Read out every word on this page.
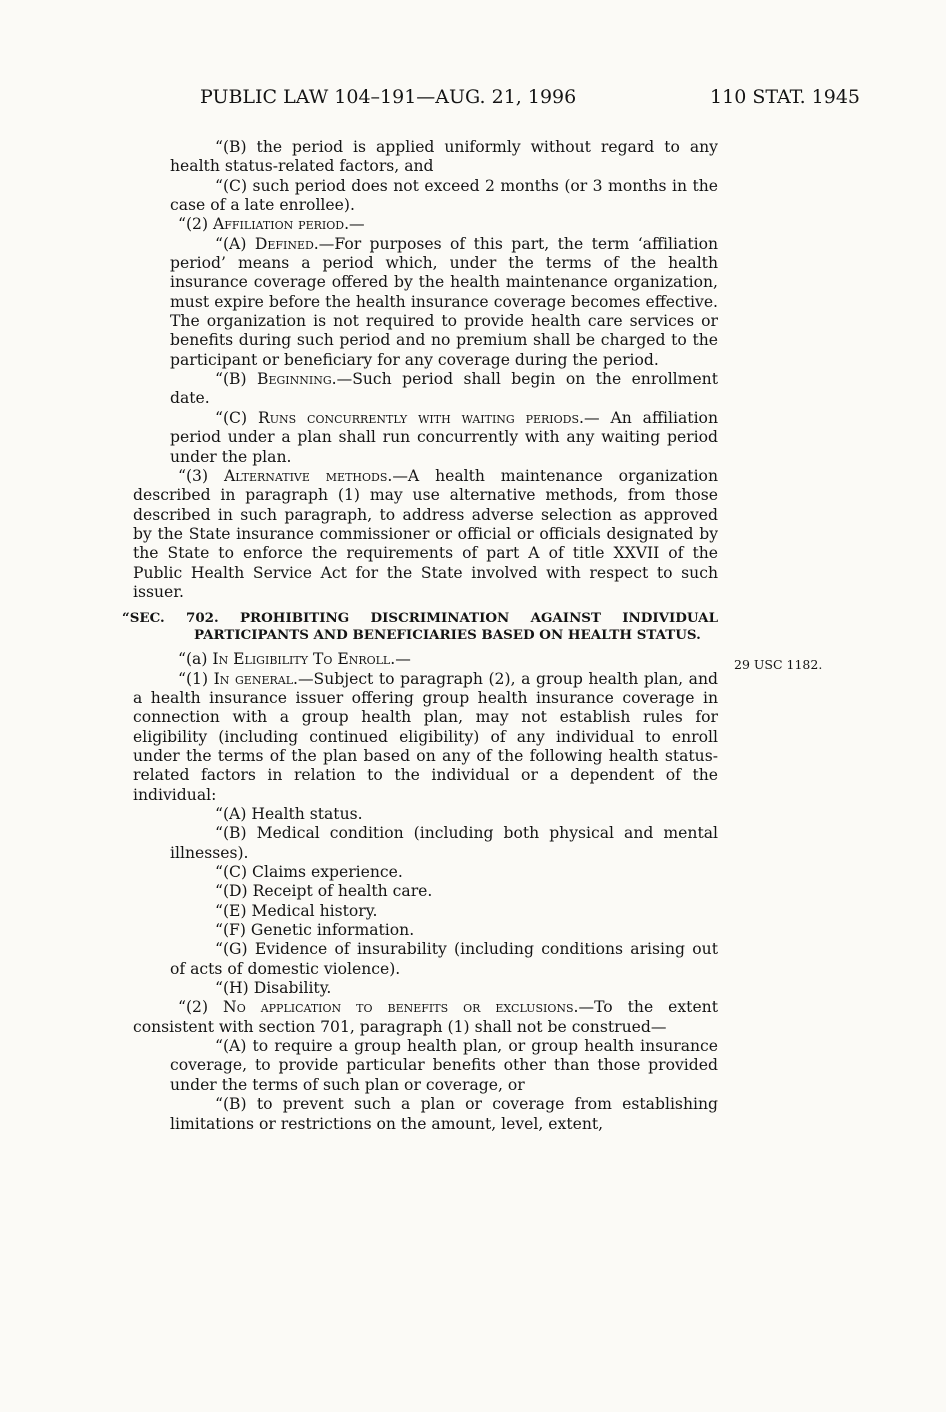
PUBLIC LAW 104–191—AUG. 21, 1996	110 STAT. 1945
29 USC 1182.

“(B) the period is applied uniformly without regard to any health status-related factors, and

“(C) such period does not exceed 2 months (or 3 months in the case of a late enrollee).

“(2) Affiliation period.—

“(A) Defined.—For purposes of this part, the term ‘affiliation period’ means a period which, under the terms of the health insurance coverage offered by the health maintenance organization, must expire before the health insurance coverage becomes effective. The organization is not required to provide health care services or benefits during such period and no premium shall be charged to the participant or beneficiary for any coverage during the period.

“(B) Beginning.—Such period shall begin on the enrollment date.

“(C) Runs concurrently with waiting periods.— An affiliation period under a plan shall run concurrently with any waiting period under the plan.

“(3) Alternative methods.—A health maintenance organization described in paragraph (1) may use alternative methods, from those described in such paragraph, to address adverse selection as approved by the State insurance commissioner or official or officials designated by the State to enforce the requirements of part A of title XXVII of the Public Health Service Act for the State involved with respect to such issuer.

“SEC. 702. PROHIBITING DISCRIMINATION AGAINST INDIVIDUAL PARTICIPANTS AND BENEFICIARIES BASED ON HEALTH STATUS.

“(a) In Eligibility To Enroll.—

“(1) In general.—Subject to paragraph (2), a group health plan, and a health insurance issuer offering group health insurance coverage in connection with a group health plan, may not establish rules for eligibility (including continued eligibility) of any individual to enroll under the terms of the plan based on any of the following health status-related factors in relation to the individual or a dependent of the individual:

“(A) Health status.

“(B) Medical condition (including both physical and mental illnesses).

“(C) Claims experience.

“(D) Receipt of health care.

“(E) Medical history.

“(F) Genetic information.

“(G) Evidence of insurability (including conditions arising out of acts of domestic violence).

“(H) Disability.

“(2) No application to benefits or exclusions.—To the extent consistent with section 701, paragraph (1) shall not be construed—

“(A) to require a group health plan, or group health insurance coverage, to provide particular benefits other than those provided under the terms of such plan or coverage, or

“(B) to prevent such a plan or coverage from establishing limitations or restrictions on the amount, level, extent,
